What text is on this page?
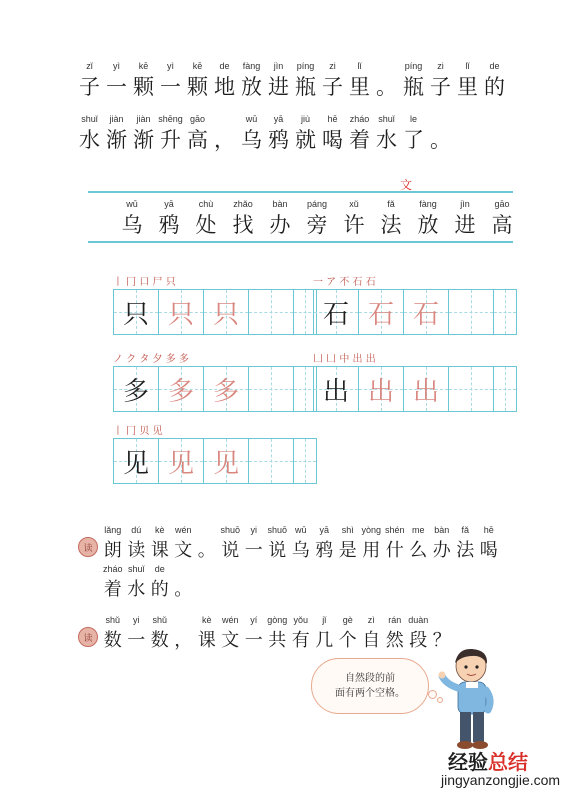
zǐ
子
yì
一
kē
颗
yì
一
kē
颗
de
地
fàng
放
jìn
进
píng
瓶
zi
子
lǐ
里 。
píng
瓶
zi
子
lǐ
里
de
的
shuǐ
水
jiàn
渐
jiàn
渐
shēng
升
gāo
高 ，
wū
乌
yā
鸦
jiù
就
hē
喝
zháo
着
shuǐ
水
le
了 。
文
wū
乌
yā
鸦
chù
处
zhǎo
找
bàn
办
páng
旁
xǔ
许
fǎ
法
fàng
放
jìn
进
gāo
高
丨 冂 口 尸 只
只 只 只
一 ア 不 石 石
石 石 石
ノ ク タ 夕 多 多
多 多 多
凵 凵 中 出 出
出 出 出
丨 冂 贝 见
见 见 见
读
lǎng
朗
dú
读
kè
课
wén
文 。
shuō
说
yi
一
shuō
说
wū
乌
yā
鸦
shì
是
yòng
用
shén
什
me
么
bàn
办
fǎ
法
hē
喝
zháo
着
shuǐ
水
de
的 。
读
shǔ
数
yi
一
shǔ
数 ，
kè
课
wén
文
yí
一
gòng
共
yǒu
有
jǐ
几
gè
个
zì
自
rán
然
duàn
段 ？
自然段的前
面有两个空格。
经验总结
jingyanzongjie.com
